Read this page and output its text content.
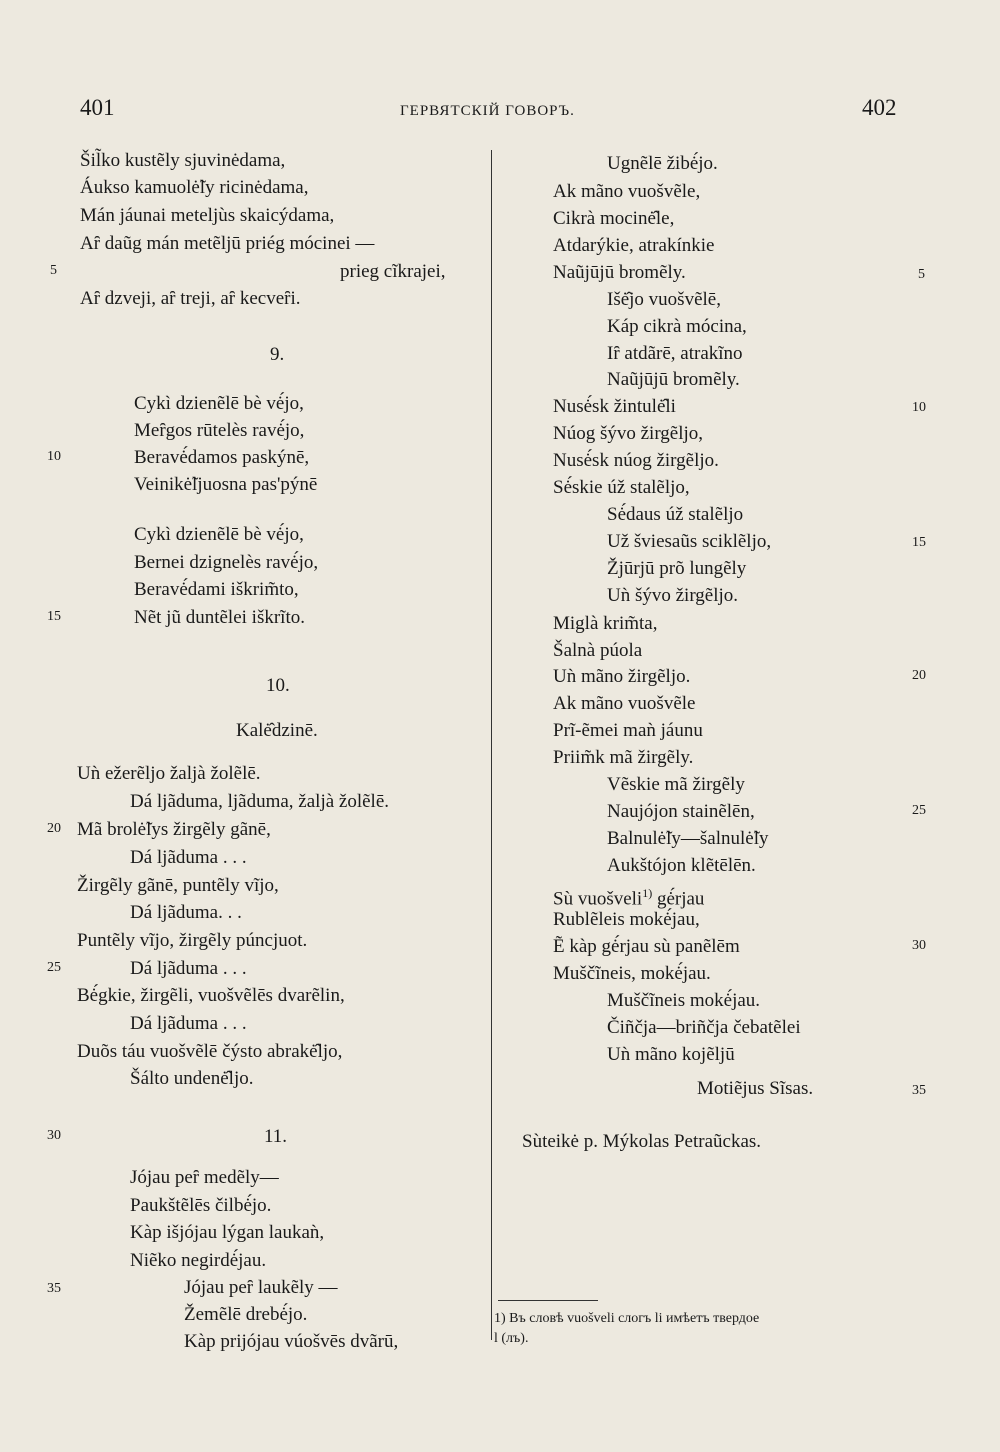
401	ГЕРВЯТСКІЙ ГОВОРЪ.	402
Šil̃ko kustẽly sjuvinėdama,
Áukso kamuolė̃ly ricinėdama,
Mán jáunai meteljùs skaicýdama,
Aȓ daũg mán metẽljū priég mócinei —
prieg cĩkrajei,
Aȓ dzveji, aȓ treji, aȓ kecveȓi.
9.
Cykì dzienẽlē bè vė́jo,
Meȓgos rūtelès ravė́jo,
Beravė́damos paskýnē,
Veinikė̃ljuosna pas'pýnē
Cykì dzienẽlē bè vė́jo,
Bernei dzignelès ravė́jo,
Beravė́dami iškrim̃to,
Nẽt jũ duntẽlei iškrĩto.
10.
Kalė̂dzinē.
Uǹ ežerẽljo žaljà žolẽlē.
Dá ljãduma, ljãduma, žaljà žolẽlē.
Mã brolė̃lys žirgẽly gãnē,
Dá ljãduma . . .
Žirgẽly gãnē, puntẽly vĩjo,
Dá ljãduma. . .
Puntẽly vĩjo, žirgẽly púncjuot.
Dá ljãduma . . .
Bė́gkie, žirgẽli, vuošvẽlēs dvarẽlin,
Dá ljãduma . . .
Duõs táu vuošvẽlē čýsto abrakė̂ljo,
Šálto undenė̂ljo.
11.
Jójau peȓ medẽly—
Paukštẽlēs čilbė́jo.
Kàp išjójau lýgan laukaǹ,
Niẽko negirdė́jau.
Jójau peȓ laukẽly —
Žemẽlē drebė́jo.
Kàp prijójau vúošvēs dvãrū,
5
10
15
20
25
30
35
Ugnẽlē žibė́jo.
Ak mãno vuošvẽle,
Cikrà mocinė̂le,
Atdarýkie, atrakínkie
Naũjūjū bromẽly.
Išė̂jo vuošvẽlē,
Káp cikrà mócina,
Iȓ atdãrē, atrakĩno
Naũjūjū bromẽly.
Nusė́sk žintulė̂li
Núog šývo žirgẽljo,
Nusė́sk núog žirgẽljo.
Sė́skie úž stalẽljo,
Sė́daus úž stalẽljo
Už šviesaũs sciklẽljo,
Žjūrjū prõ lungẽly
Uǹ šývo žirgẽljo.
Miglà krim̃ta,
Šalnà púola
Uǹ mãno žirgẽljo.
Ak mãno vuošvẽle
Prĩ-ẽmei maǹ jáunu
Priim̃k mã žirgẽly.
Vẽskie mã žirgẽly
Naujójon stainẽlēn,
Balnulė̃ly—šalnulė̃ly
Aukštójon klẽtēlēn.
Sù vuošveli$^{1)}$ gė́rjau
Rublẽleis mokė́jau,
Ẽ kàp gė́rjau sù panẽlēm
Muščĩneis, mokė́jau.
Muščĩneis mokė́jau.
Čiñčja—briñčja čebatẽlei
Uǹ mãno kojẽljū
Motiẽjus Sĩsas.
Sùteikė p. Mýkolas Petraũckas.
5
10
15
20
25
30
35
1) Въ словѣ vuošveli слогъ li имѣетъ твердое
l (лъ).
